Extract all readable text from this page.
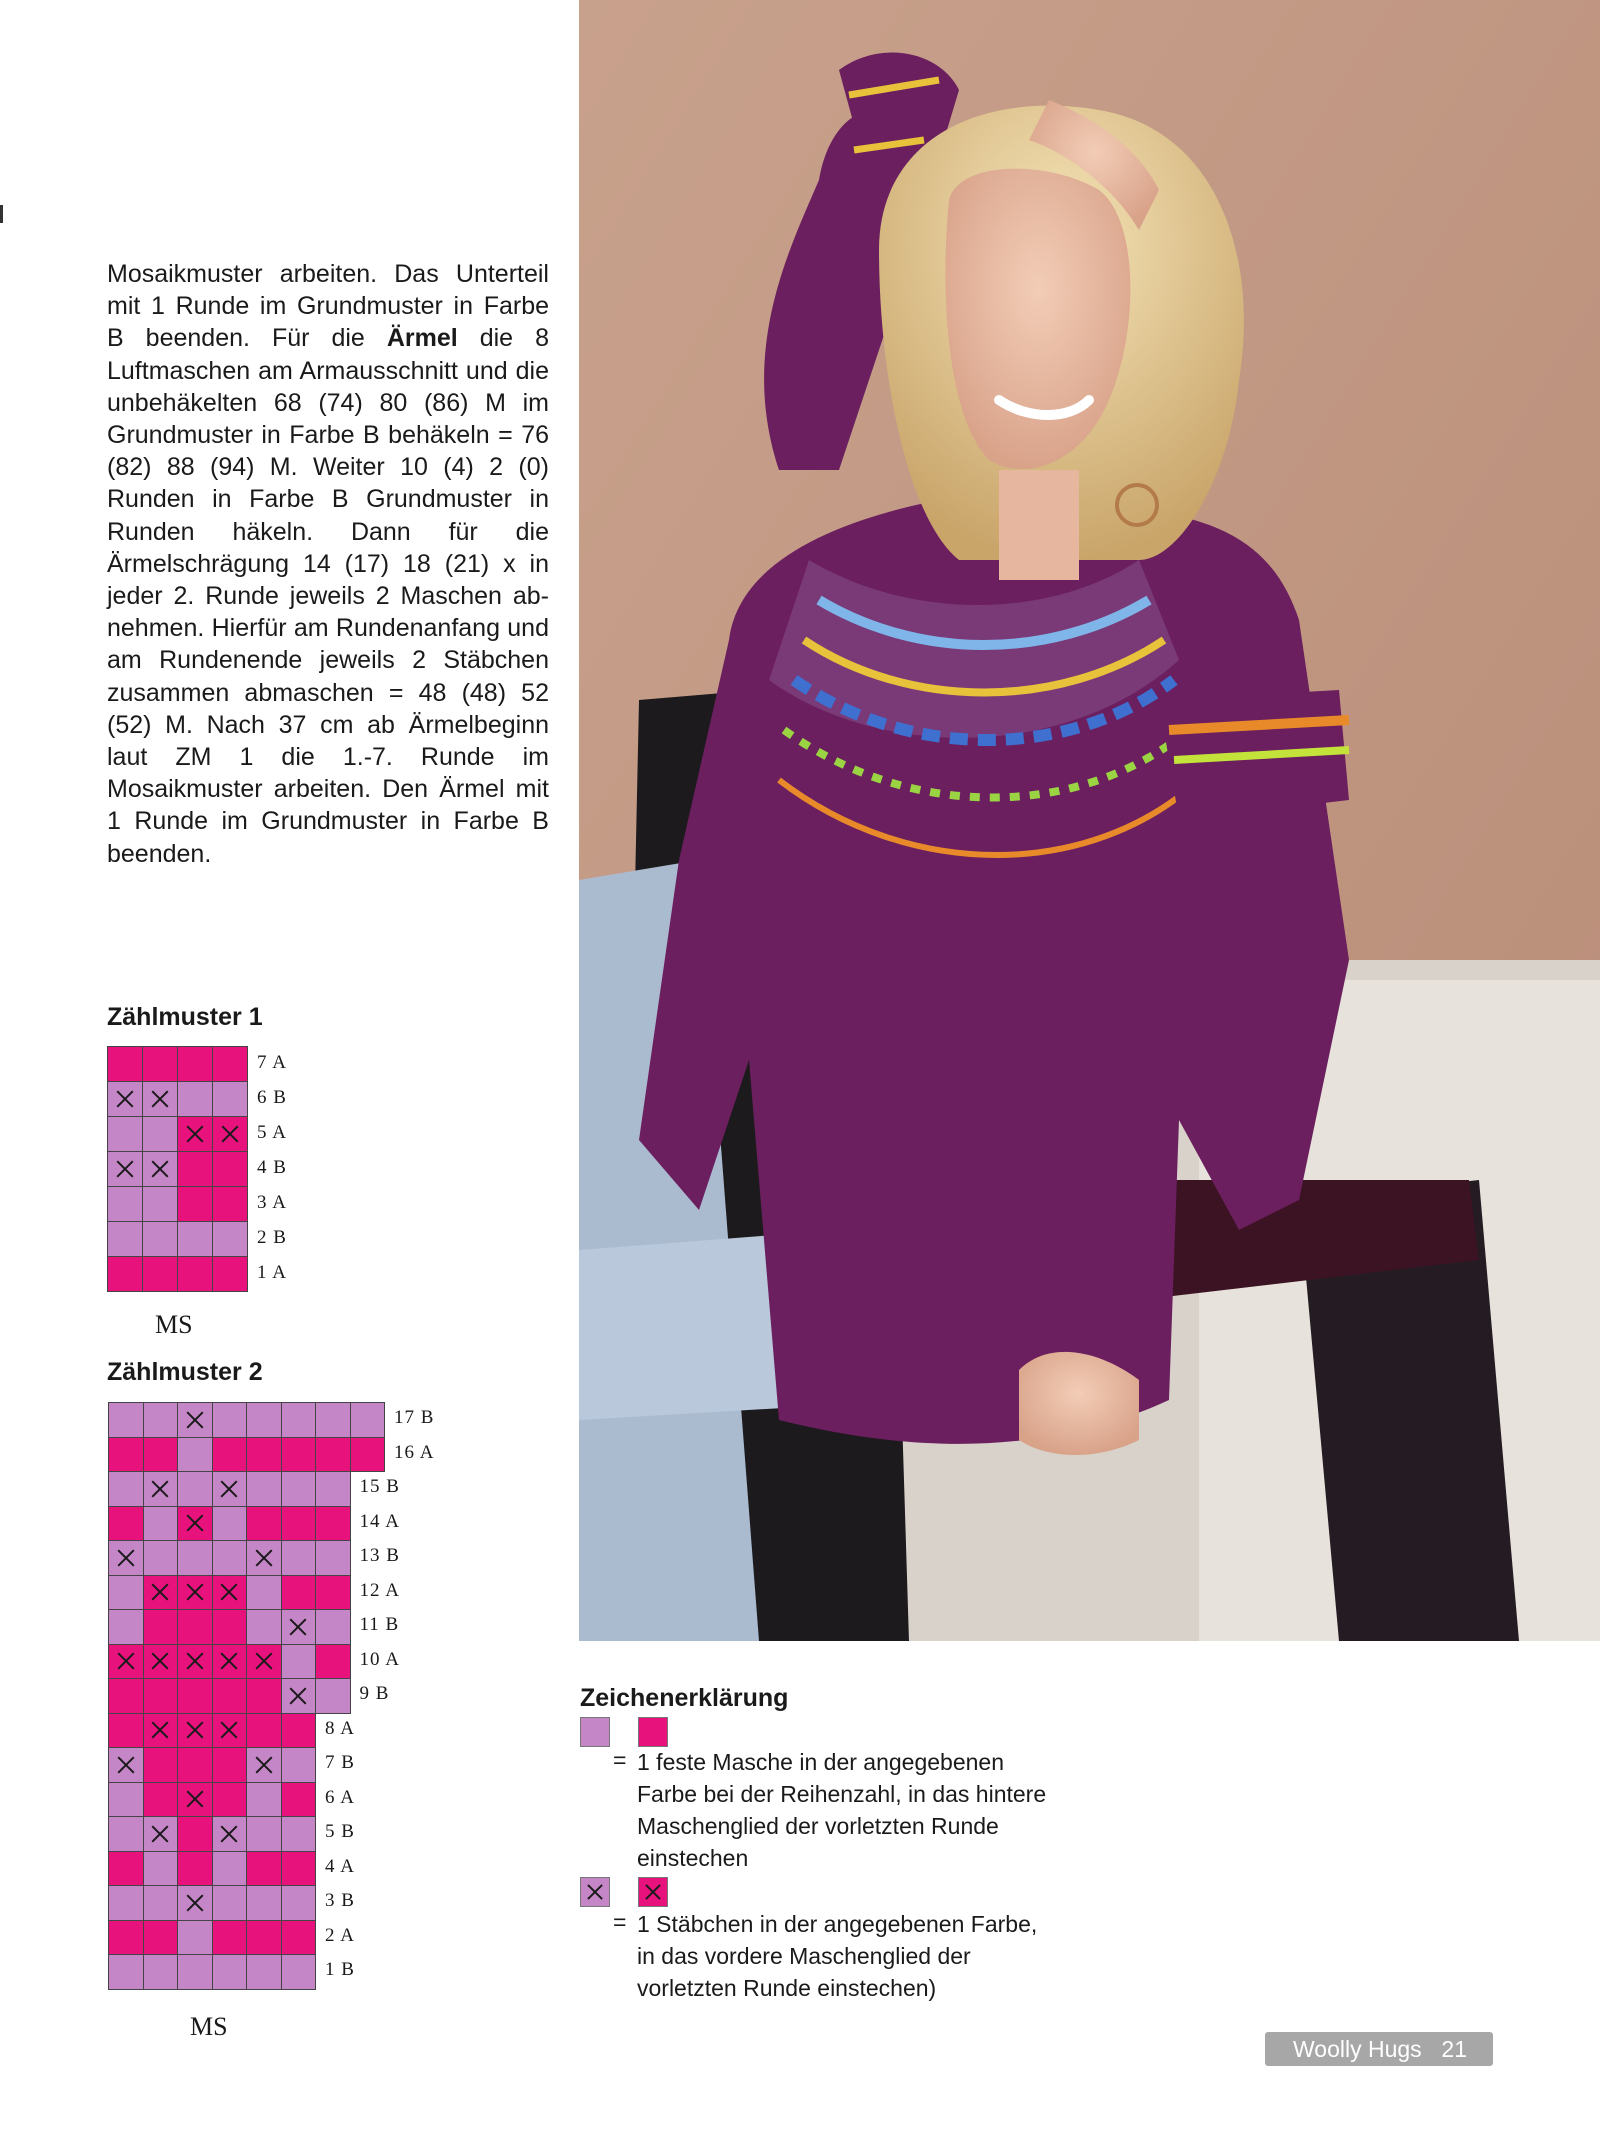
Mosaikmuster arbeiten. Das Unterteil mit 1 Runde im Grundmuster in Farbe B beenden. Für die Ärmel die 8 Luftmaschen am Armausschnitt und die unbehäkelten 68 (74) 80 (86) M im Grundmuster in Farbe B behäkeln = 76 (82) 88 (94) M. Weiter 10 (4) 2 (0) Runden in Farbe B Grundmuster in Runden häkeln. Dann für die Ärmelschrägung 14 (17) 18 (21) x in jeder 2. Runde jeweils 2 Maschen abnehmen. Hierfür am Rundenanfang und am Rundenende jeweils 2 Stäbchen zusammen abmaschen = 48 (48) 52 (52) M. Nach 37 cm ab Ärmelbeginn laut ZM 1 die 1.-7. Runde im Mosaikmuster arbeiten. Den Ärmel mit 1 Runde im Grundmuster in Farbe B beenden.
Zählmuster 1
7 A
6 B
5 A
4 B
3 A
2 B
1 A
MS
Zählmuster 2
17 B
16 A
15 B
14 A
13 B
12 A
11 B
10 A
9 B
8 A
7 B
6 A
5 B
4 A
3 B
2 A
1 B
MS
Zeichenerklärung
= 1 feste Masche in der angegebenen Farbe bei der Reihenzahl, in das hintere Maschenglied der vorletzten Runde einstechen
= 1 Stäbchen in der angegebenen Farbe, in das vordere Maschenglied der vorletzten Runde einstechen)
Woolly Hugs 21
